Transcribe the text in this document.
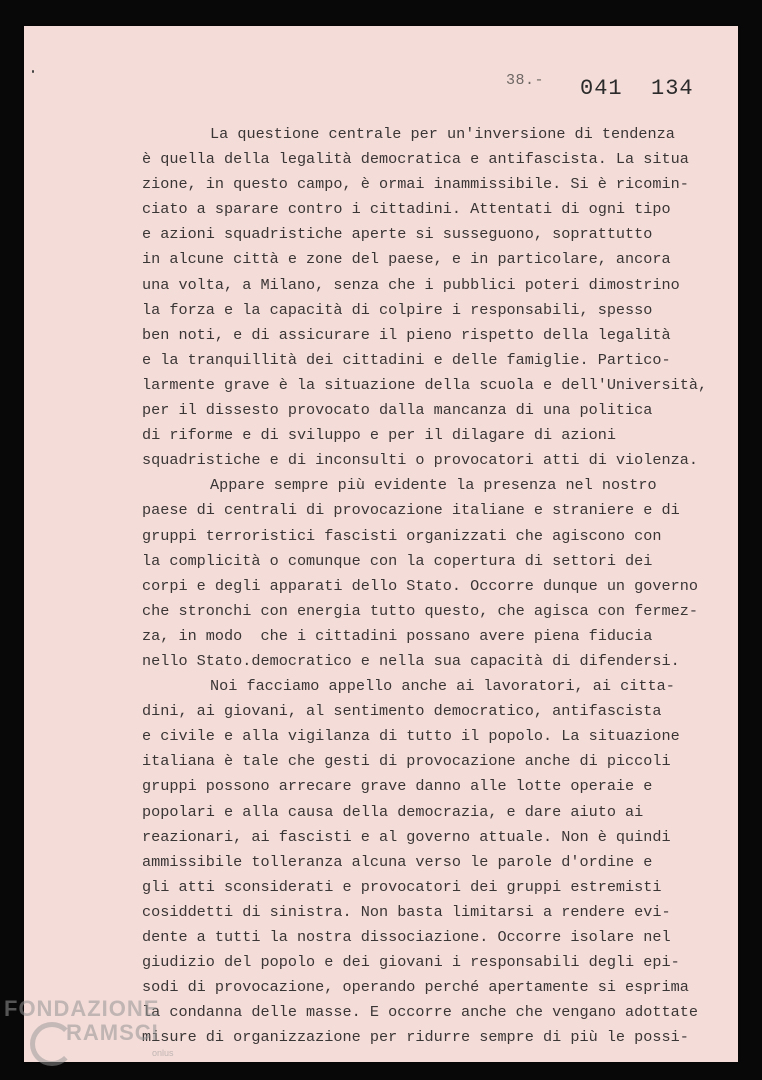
38.- 041  134
La questione centrale per un'inversione di tendenza
è quella della legalità democratica e antifascista. La situa
zione, in questo campo, è ormai inammissibile. Si è ricomin-
ciato a sparare contro i cittadini. Attentati di ogni tipo
e azioni squadristiche aperte si susseguono, soprattutto
in alcune città e zone del paese, e in particolare, ancora
una volta, a Milano, senza che i pubblici poteri dimostrino
la forza e la capacità di colpire i responsabili, spesso
ben noti, e di assicurare il pieno rispetto della legalità
e la tranquillità dei cittadini e delle famiglie. Partico-
larmente grave è la situazione della scuola e dell'Università,
per il dissesto provocato dalla mancanza di una politica
di riforme e di sviluppo e per il dilagare di azioni
squadristiche e di inconsulti o provocatori atti di violenza.
Appare sempre più evidente la presenza nel nostro
paese di centrali di provocazione italiane e straniere e di
gruppi terroristici fascisti organizzati che agiscono con
la complicità o comunque con la copertura di settori dei
corpi e degli apparati dello Stato. Occorre dunque un governo
che stronchi con energia tutto questo, che agisca con fermez-
za, in modo  che i cittadini possano avere piena fiducia
nello Stato.democratico e nella sua capacità di difendersi.
Noi facciamo appello anche ai lavoratori, ai citta-
dini, ai giovani, al sentimento democratico, antifascista
e civile e alla vigilanza di tutto il popolo. La situazione
italiana è tale che gesti di provocazione anche di piccoli
gruppi possono arrecare grave danno alle lotte operaie e
popolari e alla causa della democrazia, e dare aiuto ai
reazionari, ai fascisti e al governo attuale. Non è quindi
ammissibile tolleranza alcuna verso le parole d'ordine e
gli atti sconsiderati e provocatori dei gruppi estremisti
cosiddetti di sinistra. Non basta limitarsi a rendere evi-
dente a tutti la nostra dissociazione. Occorre isolare nel
giudizio del popolo e dei giovani i responsabili degli epi-
sodi di provocazione, operando perché apertamente si esprima
la condanna delle masse. E occorre anche che vengano adottate
misure di organizzazione per ridurre sempre di più le possi-
FONDAZIONE
RAMSCI
onlus
